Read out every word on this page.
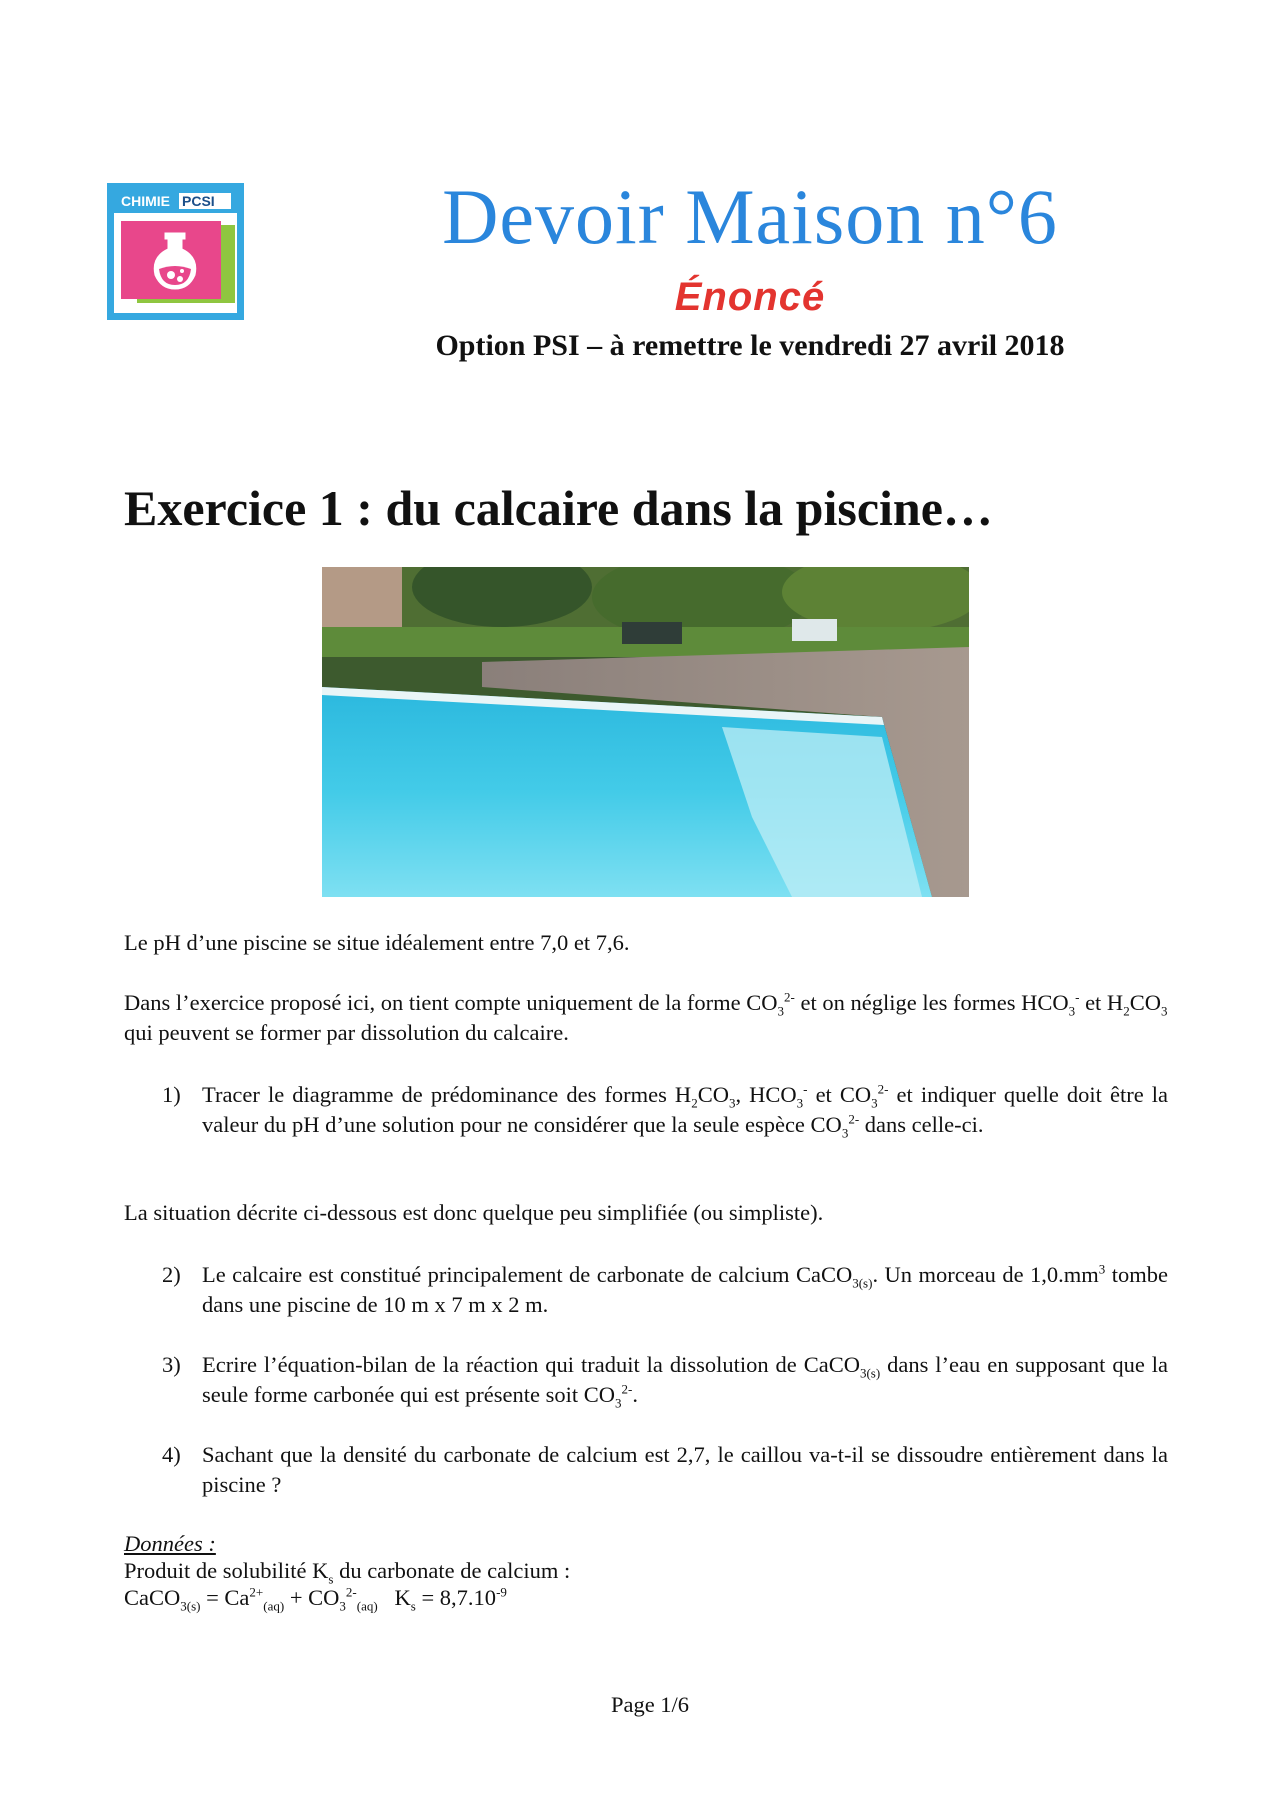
CHIMIE PCSI	Devoir Maison n°6
Énoncé
Option PSI – à remettre le vendredi 27 avril 2018
Exercice 1 : du calcaire dans la piscine…
Le pH d’une piscine se situe idéalement entre 7,0 et 7,6.
Dans l’exercice proposé ici, on tient compte uniquement de la forme $CO_3^{2-}$ et on néglige les formes $HCO_3^-$ et $H_2CO_3$ qui peuvent se former par dissolution du calcaire.
1) Tracer le diagramme de prédominance des formes $H_2CO_3$, $HCO_3^-$ et $CO_3^{2-}$ et indiquer quelle doit être la valeur du pH d’une solution pour ne considérer que la seule espèce $CO_3^{2-}$ dans celle-ci.
La situation décrite ci-dessous est donc quelque peu simplifiée (ou simpliste).
2) Le calcaire est constitué principalement de carbonate de calcium CaCO$_{3(s)}$. Un morceau de $1,0.mm^3$ tombe dans une piscine de 10 m x 7 m x 2 m.
3) Ecrire l’équation-bilan de la réaction qui traduit la dissolution de CaCO$_{3(s)}$ dans l’eau en supposant que la seule forme carbonée qui est présente soit $CO_3^{2-}$.
4) Sachant que la densité du carbonate de calcium est 2,7, le caillou va-t-il se dissoudre entièrement dans la piscine ?
Données :
Produit de solubilité $K_s$ du carbonate de calcium :
CaCO$_{3(s)}$ = $Ca^{2+}_{(aq)} + CO_3^{2-}_{(aq)}$   $K_s = 8,7.10^{-9}$
Page 1/6
